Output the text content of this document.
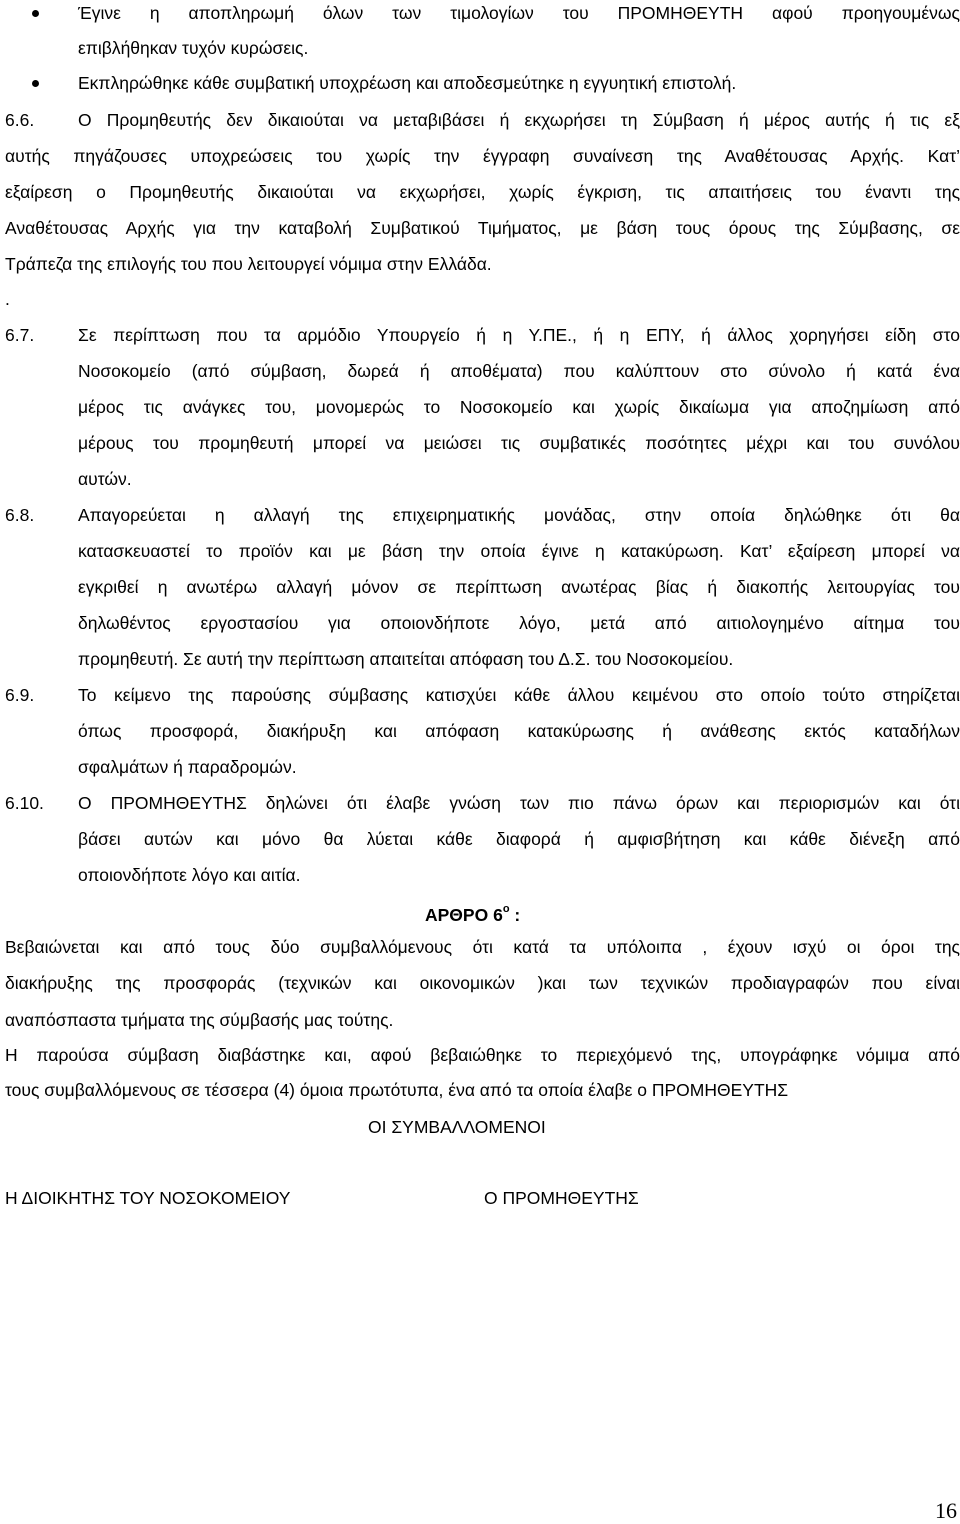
Έγινε η αποπληρωμή όλων των τιμολογίων του ΠΡΟΜΗΘΕΥΤΗ αφού προηγουμένως
επιβλήθηκαν τυχόν κυρώσεις.
Εκπληρώθηκε κάθε συμβατική υποχρέωση και αποδεσμεύτηκε η εγγυητική επιστολή.
6.6.	Ο Προμηθευτής δεν δικαιούται να μεταβιβάσει ή εκχωρήσει τη Σύμβαση ή μέρος αυτής ή τις εξ
αυτής πηγάζουσες υποχρεώσεις του χωρίς την έγγραφη συναίνεση της Αναθέτουσας Αρχής. Κατ’
εξαίρεση ο Προμηθευτής δικαιούται να εκχωρήσει, χωρίς έγκριση, τις απαιτήσεις του έναντι της
Αναθέτουσας Αρχής για την καταβολή Συμβατικού Τιμήματος, με βάση τους όρους της Σύμβασης, σε
Τράπεζα της επιλογής του που λειτουργεί νόμιμα στην Ελλάδα.
.
6.7.	Σε περίπτωση που τα αρμόδιο Υπουργείο ή η Υ.ΠΕ., ή η ΕΠΥ, ή άλλος χορηγήσει είδη στο
Νοσοκομείο (από σύμβαση, δωρεά ή αποθέματα) που καλύπτουν στο σύνολο ή κατά ένα
μέρος τις ανάγκες του, μονομερώς το Νοσοκομείο και χωρίς δικαίωμα για αποζημίωση από
μέρους του προμηθευτή μπορεί να μειώσει τις συμβατικές ποσότητες μέχρι και του συνόλου
αυτών.
6.8.	Απαγορεύεται η αλλαγή της επιχειρηματικής μονάδας, στην οποία δηλώθηκε ότι θα
κατασκευαστεί το προϊόν και με βάση την οποία έγινε η κατακύρωση. Κατ’ εξαίρεση μπορεί να
εγκριθεί η ανωτέρω αλλαγή μόνον σε περίπτωση ανωτέρας βίας ή διακοπής λειτουργίας του
δηλωθέντος εργοστασίου για οποιονδήποτε λόγο, μετά από αιτιολογημένο αίτημα του
προμηθευτή. Σε αυτή την περίπτωση απαιτείται απόφαση του Δ.Σ. του Νοσοκομείου.
6.9.	Το κείμενο της παρούσης σύμβασης κατισχύει κάθε άλλου κειμένου στο οποίο τούτο στηρίζεται
όπως προσφορά, διακήρυξη και απόφαση κατακύρωσης ή ανάθεσης εκτός καταδήλων
σφαλμάτων ή παραδρομών.
6.10. Ο ΠΡΟΜΗΘΕΥΤΗΣ δηλώνει ότι έλαβε γνώση των πιο πάνω όρων και περιορισμών και ότι
βάσει αυτών και μόνο θα λύεται κάθε διαφορά ή αμφισβήτηση και κάθε διένεξη από
οποιονδήποτε λόγο και αιτία.
ΑΡΘΡΟ $6^o$ :
Βεβαιώνεται και από τους δύο συμβαλλόμενους ότι κατά τα υπόλοιπα , έχουν ισχύ οι όροι της
διακήρυξης της προσφοράς (τεχνικών και οικονομικών )και των τεχνικών προδιαγραφών που είναι
αναπόσπαστα τμήματα της σύμβασής μας τούτης.
Η παρούσα σύμβαση διαβάστηκε και, αφού βεβαιώθηκε το περιεχόμενό της, υπογράφηκε νόμιμα από
τους συμβαλλόμενους σε τέσσερα (4) όμοια πρωτότυπα, ένα από τα οποία έλαβε ο ΠΡΟΜΗΘΕΥΤΗΣ
ΟΙ ΣΥΜΒΑΛΛΟΜΕΝΟΙ
Η ΔΙΟΙΚΗΤΗΣ ΤΟΥ ΝΟΣΟΚΟΜΕΙΟΥ	Ο ΠΡΟΜΗΘΕΥΤΗΣ
16
